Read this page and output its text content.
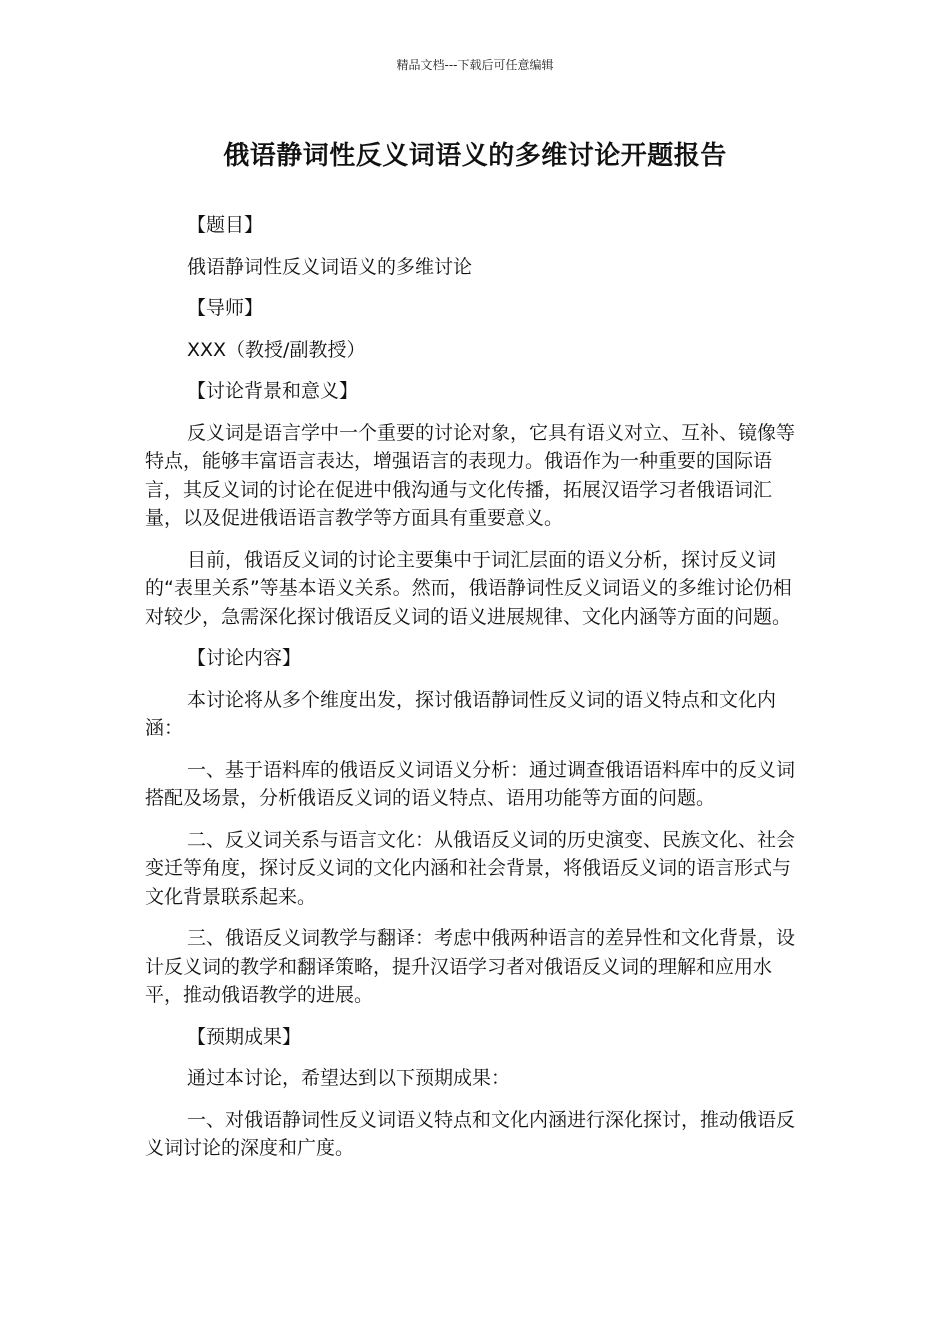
精品文档---下载后可任意编辑
俄语静词性反义词语义的多维讨论开题报告

【题目】

俄语静词性反义词语义的多维讨论

【导师】

XXX（教授/副教授）

【讨论背景和意义】

反义词是语言学中一个重要的讨论对象，它具有语义对立、互补、镜像等特点，能够丰富语言表达，增强语言的表现力。俄语作为一种重要的国际语言，其反义词的讨论在促进中俄沟通与文化传播，拓展汉语学习者俄语词汇量，以及促进俄语语言教学等方面具有重要意义。

目前，俄语反义词的讨论主要集中于词汇层面的语义分析，探讨反义词的“表里关系”等基本语义关系。然而，俄语静词性反义词语义的多维讨论仍相对较少，急需深化探讨俄语反义词的语义进展规律、文化内涵等方面的问题。

【讨论内容】

本讨论将从多个维度出发，探讨俄语静词性反义词的语义特点和文化内涵：

一、基于语料库的俄语反义词语义分析：通过调查俄语语料库中的反义词搭配及场景，分析俄语反义词的语义特点、语用功能等方面的问题。

二、反义词关系与语言文化：从俄语反义词的历史演变、民族文化、社会变迁等角度，探讨反义词的文化内涵和社会背景，将俄语反义词的语言形式与文化背景联系起来。

三、俄语反义词教学与翻译：考虑中俄两种语言的差异性和文化背景，设计反义词的教学和翻译策略，提升汉语学习者对俄语反义词的理解和应用水平，推动俄语教学的进展。

【预期成果】

通过本讨论，希望达到以下预期成果：

一、对俄语静词性反义词语义特点和文化内涵进行深化探讨，推动俄语反义词讨论的深度和广度。
